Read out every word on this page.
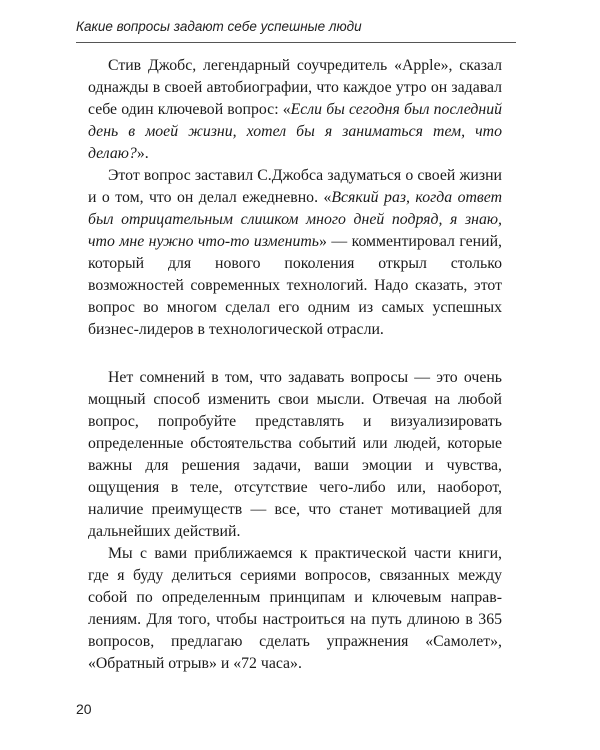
Какие вопросы задают себе успешные люди

Стив Джобс, легендарный соучредитель «Apple», сказал однажды в своей автобиографии, что каждое утро он задавал себе один ключевой вопрос: «Если бы сегодня был последний день в моей жизни, хотел бы я заниматься тем, что делаю?».

Этот вопрос заставил С.Джобса задуматься о своей жизни и о том, что он делал ежедневно. «Всякий раз, когда ответ был отрицательным слишком много дней подряд, я знаю, что мне нужно что-то изменить» — комментировал гений, который для нового поколения открыл столько возможностей современных технологий. Надо сказать, этот вопрос во многом сделал его одним из самых успешных бизнес-лидеров в технологической отрасли.

Нет сомнений в том, что задавать вопросы — это очень мощный способ изменить свои мысли. Отвечая на любой вопрос, попробуйте представлять и визуализировать определенные обстоятельства событий или людей, которые важны для решения задачи, ваши эмоции и чувства, ощущения в теле, отсутствие чего-либо или, наоборот, наличие преимуществ — все, что станет мотивацией для дальнейших действий.

Мы с вами приближаемся к практической части книги, где я буду делиться сериями вопросов, связанных между собой по определенным принципам и ключевым направлениям. Для того, чтобы настроиться на путь длиною в 365 вопросов, предлагаю сделать упражнения «Самолет», «Обратный отрыв» и «72 часа».

20
